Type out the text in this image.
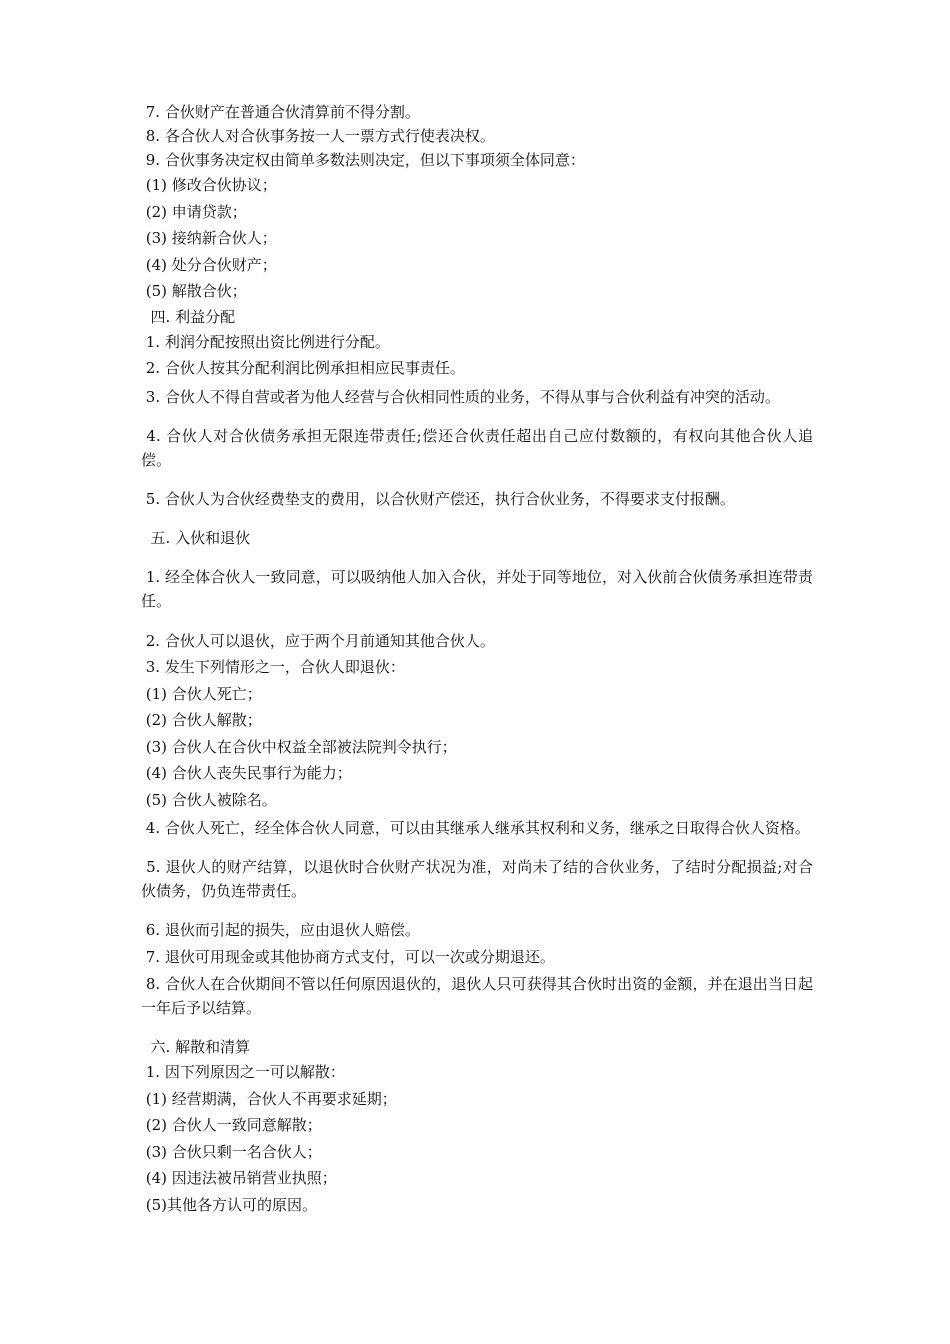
7. 合伙财产在普通合伙清算前不得分割。

8. 各合伙人对合伙事务按一人一票方式行使表决权。

9. 合伙事务决定权由简单多数法则决定，但以下事项须全体同意：

(1) 修改合伙协议；

(2) 申请贷款；

(3) 接纳新合伙人；

(4) 处分合伙财产；

(5) 解散合伙；

四. 利益分配

1. 利润分配按照出资比例进行分配。

2. 合伙人按其分配利润比例承担相应民事责任。

3. 合伙人不得自营或者为他人经营与合伙相同性质的业务，不得从事与合伙利益有冲突的活动。

4. 合伙人对合伙债务承担无限连带责任;偿还合伙责任超出自己应付数额的，有权向其他合伙人追偿。

5. 合伙人为合伙经费垫支的费用，以合伙财产偿还，执行合伙业务，不得要求支付报酬。

五. 入伙和退伙

1. 经全体合伙人一致同意，可以吸纳他人加入合伙，并处于同等地位，对入伙前合伙债务承担连带责任。

2. 合伙人可以退伙，应于两个月前通知其他合伙人。

3. 发生下列情形之一，合伙人即退伙：

(1) 合伙人死亡；

(2) 合伙人解散；

(3) 合伙人在合伙中权益全部被法院判令执行；

(4) 合伙人丧失民事行为能力；

(5) 合伙人被除名。

4. 合伙人死亡，经全体合伙人同意，可以由其继承人继承其权利和义务，继承之日取得合伙人资格。

5. 退伙人的财产结算，以退伙时合伙财产状况为准，对尚未了结的合伙业务，了结时分配损益;对合伙债务，仍负连带责任。

6. 退伙而引起的损失，应由退伙人赔偿。

7. 退伙可用现金或其他协商方式支付，可以一次或分期退还。

8. 合伙人在合伙期间不管以任何原因退伙的，退伙人只可获得其合伙时出资的金额，并在退出当日起一年后予以结算。

六. 解散和清算

1. 因下列原因之一可以解散：

(1) 经营期满，合伙人不再要求延期；

(2) 合伙人一致同意解散；

(3) 合伙只剩一名合伙人；

(4) 因违法被吊销营业执照；

(5)其他各方认可的原因。
